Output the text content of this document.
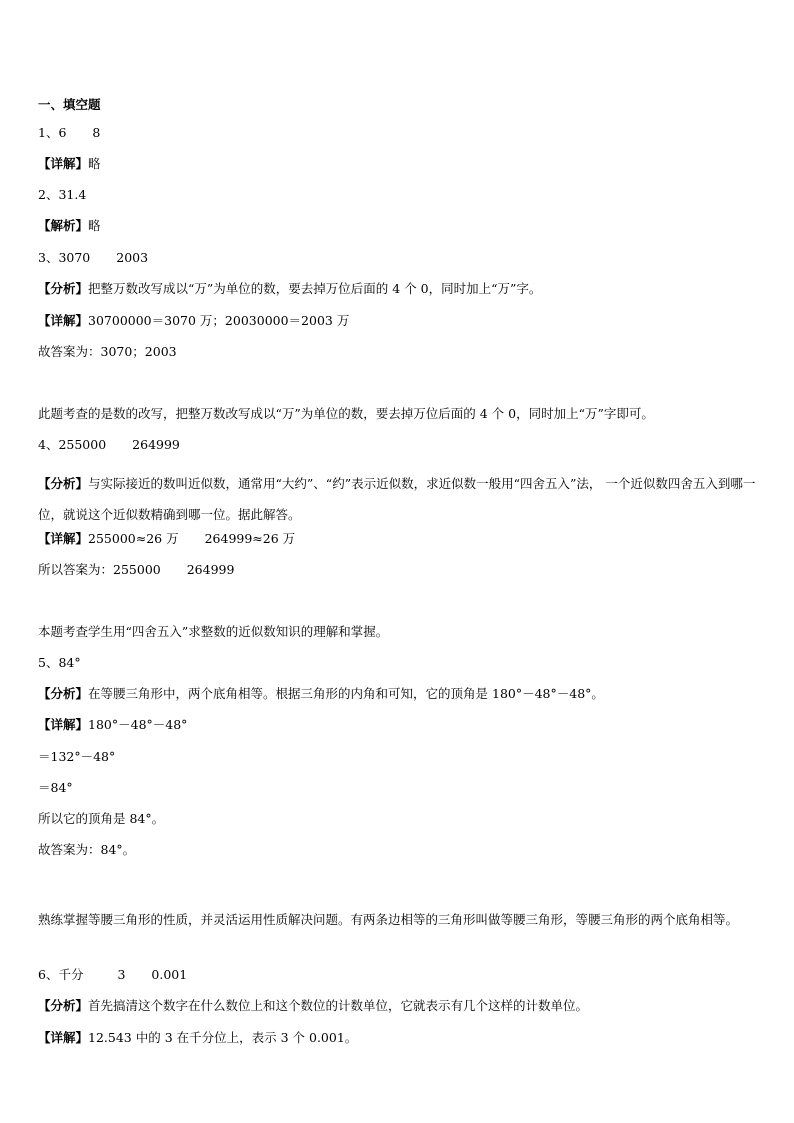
一、填空题
1、6 8
【详解】略
2、31.4
【解析】略
3、3070 2003
【分析】把整万数改写成以“万”为单位的数，要去掉万位后面的 4 个 0，同时加上“万”字。
【详解】30700000＝3070 万；20030000＝2003 万
故答案为：3070；2003
此题考查的是数的改写，把整万数改写成以“万”为单位的数，要去掉万位后面的 4 个 0，同时加上“万”字即可。
4、255000 264999
【分析】与实际接近的数叫近似数，通常用“大约”、“约”表示近似数，求近似数一般用“四舍五入”法， 一个近似数四舍五入到哪一位，就说这个近似数精确到哪一位。据此解答。
【详解】255000≈26 万 264999≈26 万
所以答案为：255000 264999
本题考查学生用“四舍五入”求整数的近似数知识的理解和掌握。
5、84°
【分析】在等腰三角形中，两个底角相等。根据三角形的内角和可知，它的顶角是 180°－48°－48°。
【详解】180°－48°－48°
＝132°－48°
＝84°
所以它的顶角是 84°。
故答案为：84°。
熟练掌握等腰三角形的性质，并灵活运用性质解决问题。有两条边相等的三角形叫做等腰三角形，等腰三角形的两个底角相等。
6、千分	3 0.001
【分析】首先搞清这个数字在什么数位上和这个数位的计数单位，它就表示有几个这样的计数单位。
【详解】12.543 中的 3 在千分位上，表示 3 个 0.001。
